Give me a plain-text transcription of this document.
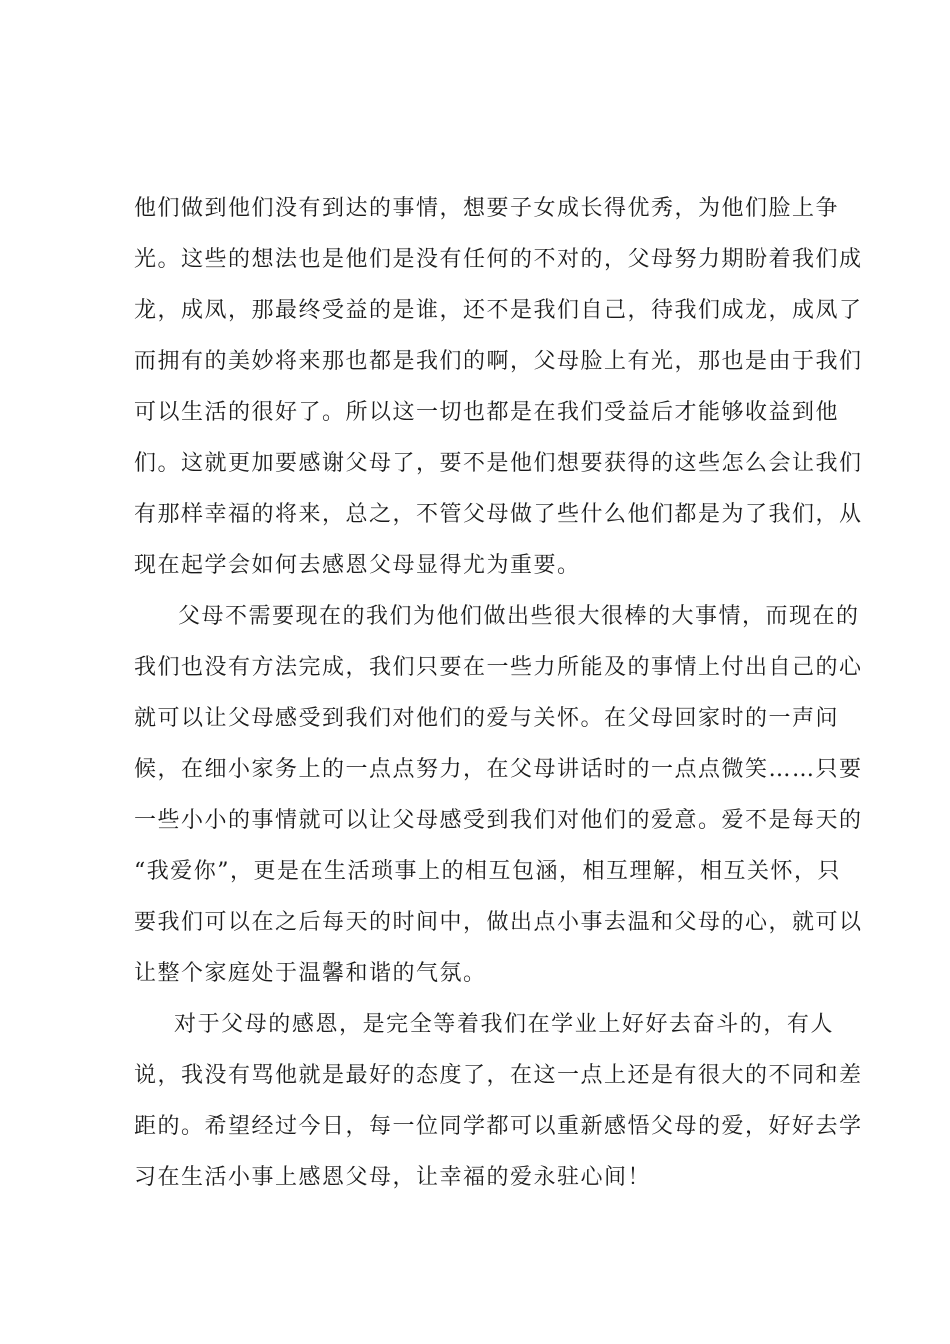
他们做到他们没有到达的事情，想要子女成长得优秀，为他们脸上争
光。这些的想法也是他们是没有任何的不对的，父母努力期盼着我们成
龙，成凤，那最终受益的是谁，还不是我们自己，待我们成龙，成凤了
而拥有的美妙将来那也都是我们的啊，父母脸上有光，那也是由于我们
可以生活的很好了。所以这一切也都是在我们受益后才能够收益到他
们。这就更加要感谢父母了，要不是他们想要获得的这些怎么会让我们
有那样幸福的将来，总之，不管父母做了些什么他们都是为了我们，从
现在起学会如何去感恩父母显得尤为重要。
父母不需要现在的我们为他们做出些很大很棒的大事情，而现在的
我们也没有方法完成，我们只要在一些力所能及的事情上付出自己的心
就可以让父母感受到我们对他们的爱与关怀。在父母回家时的一声问
候，在细小家务上的一点点努力，在父母讲话时的一点点微笑……只要
一些小小的事情就可以让父母感受到我们对他们的爱意。爱不是每天的
“我爱你”，更是在生活琐事上的相互包涵，相互理解，相互关怀，只
要我们可以在之后每天的时间中，做出点小事去温和父母的心，就可以
让整个家庭处于温馨和谐的气氛。
对于父母的感恩，是完全等着我们在学业上好好去奋斗的，有人
说，我没有骂他就是最好的态度了，在这一点上还是有很大的不同和差
距的。希望经过今日，每一位同学都可以重新感悟父母的爱，好好去学
习在生活小事上感恩父母，让幸福的爱永驻心间！
